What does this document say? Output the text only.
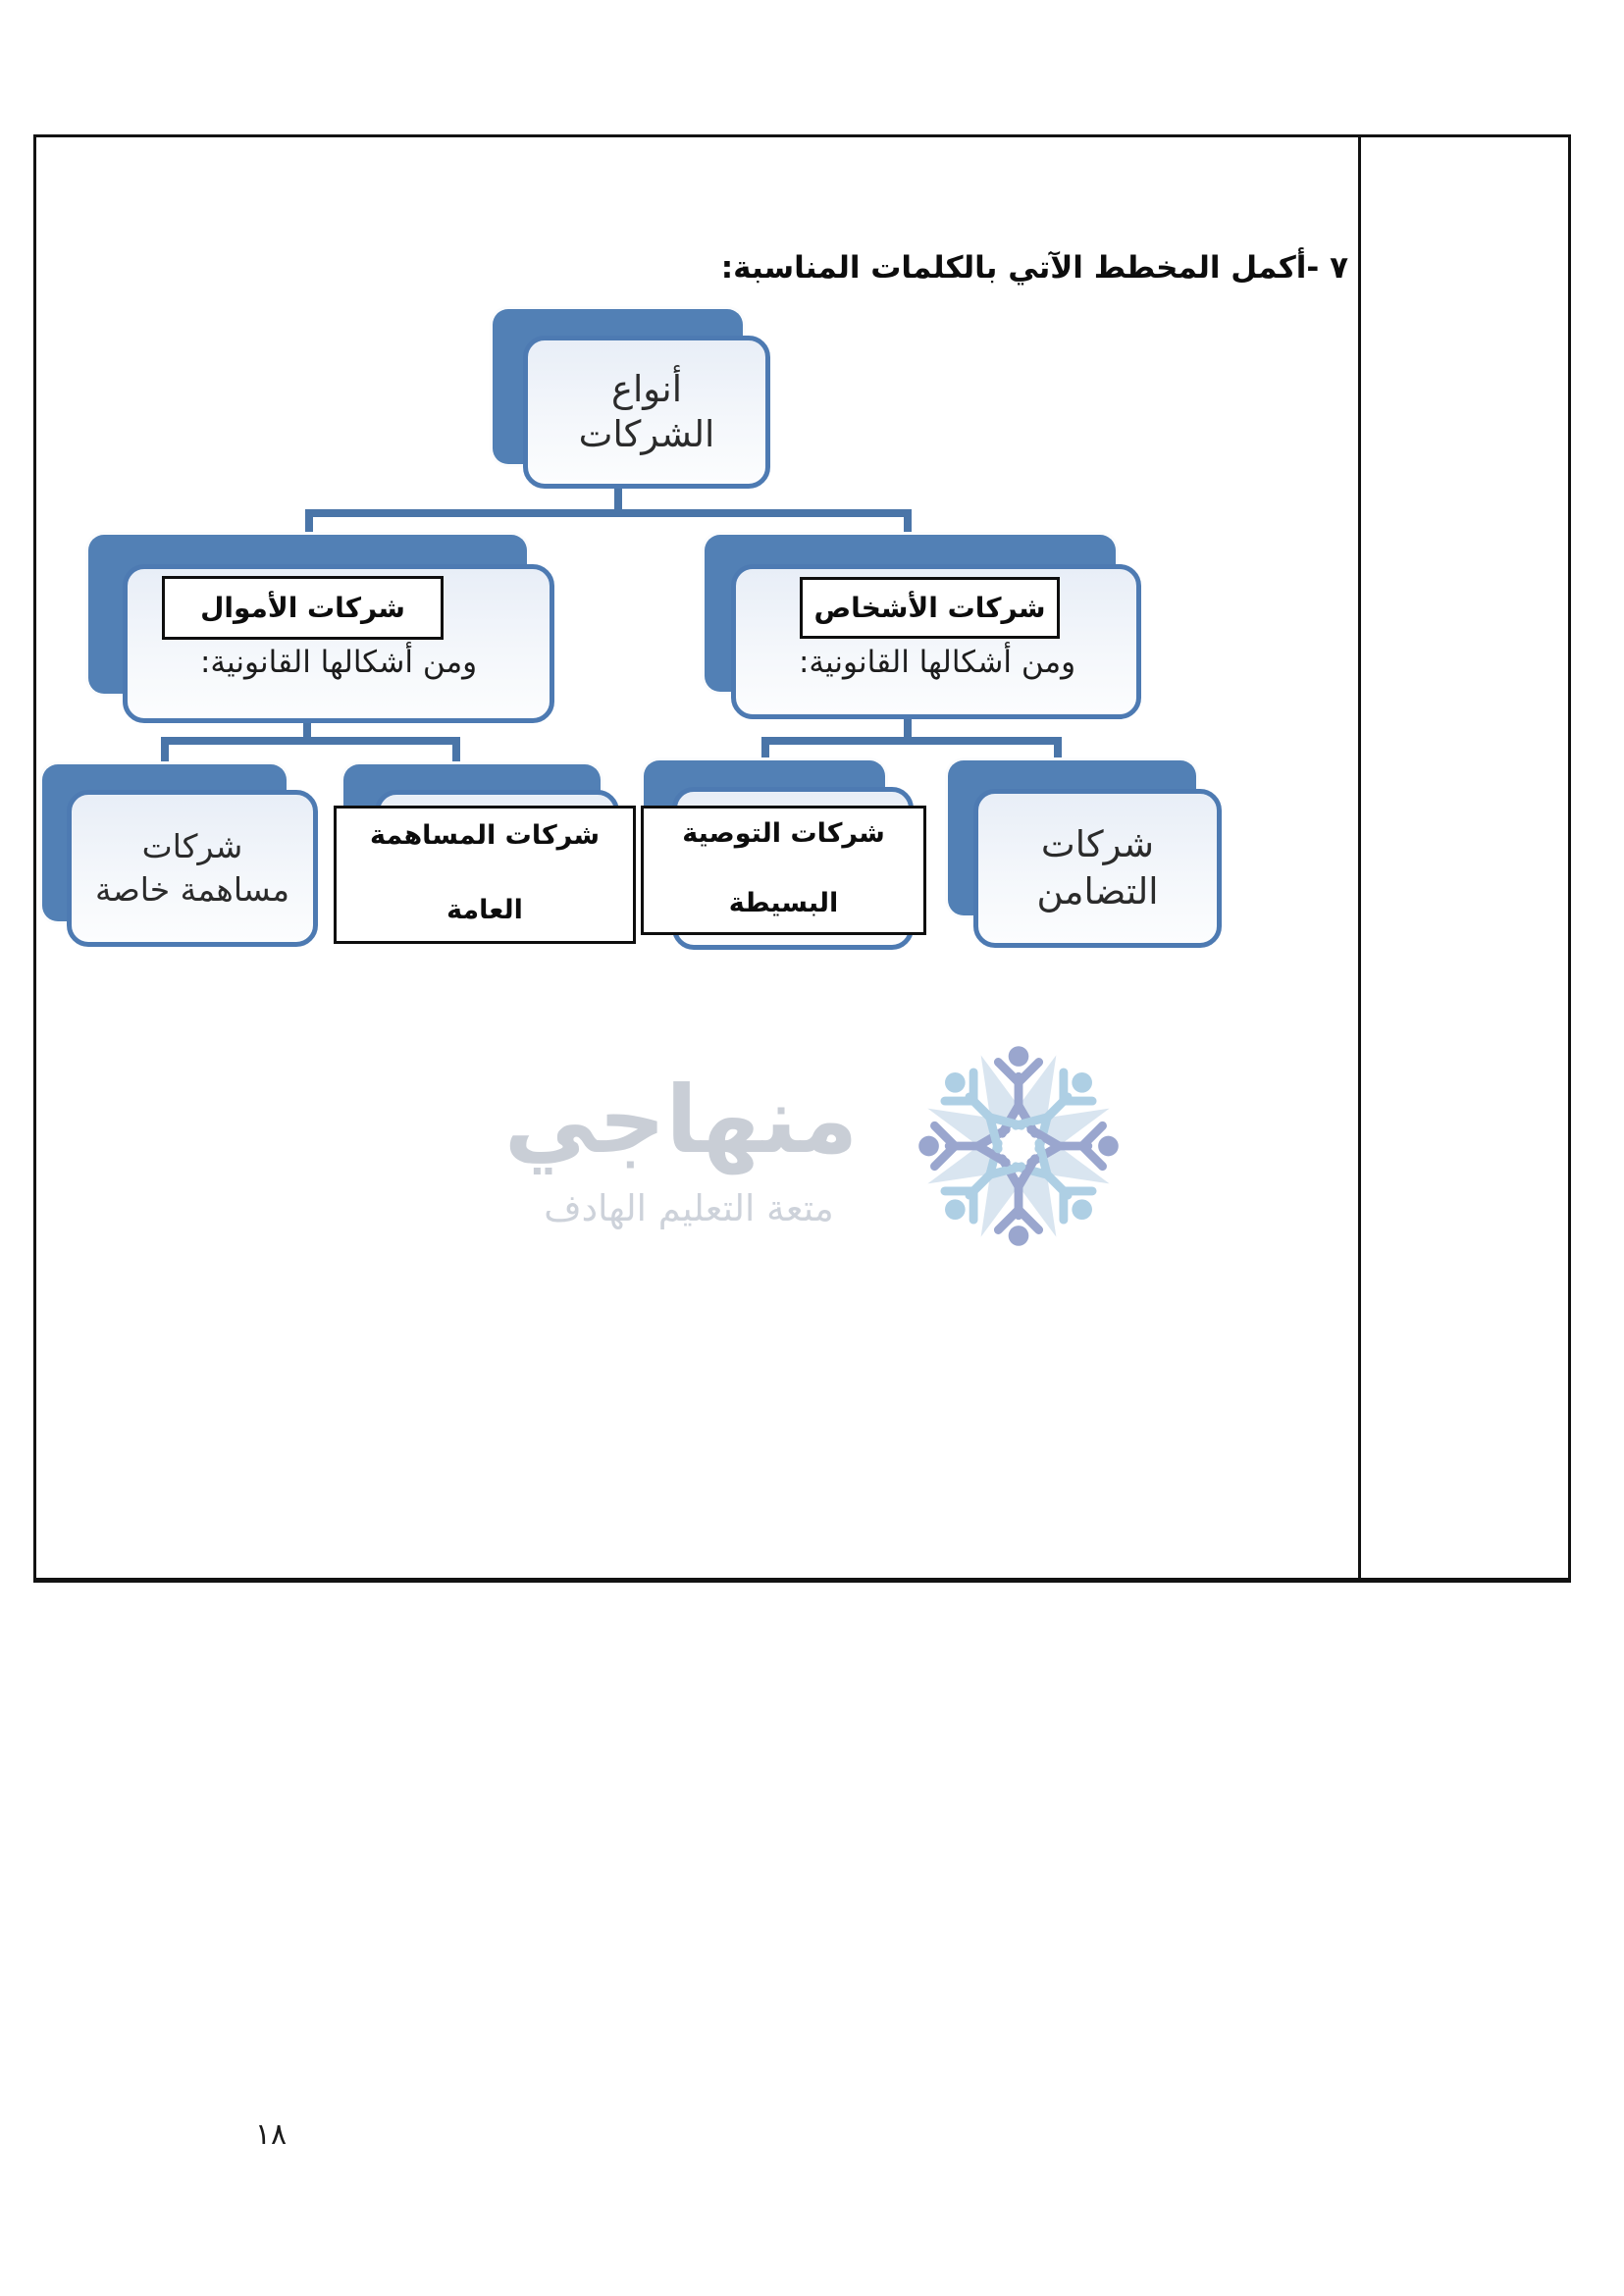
٧ -أكمل المخطط الآتي بالكلمات المناسبة:
أنواع
الشركات
شركات الأموال
ومن أشكالها القانونية:
شركات الأشخاص
ومن أشكالها القانونية:
شركات
مساهمة خاصة
شركات المساهمة
العامة
شركات التوصية
البسيطة
شركات
التضامن
منهاجي
متعة التعليم الهادف
١٨
